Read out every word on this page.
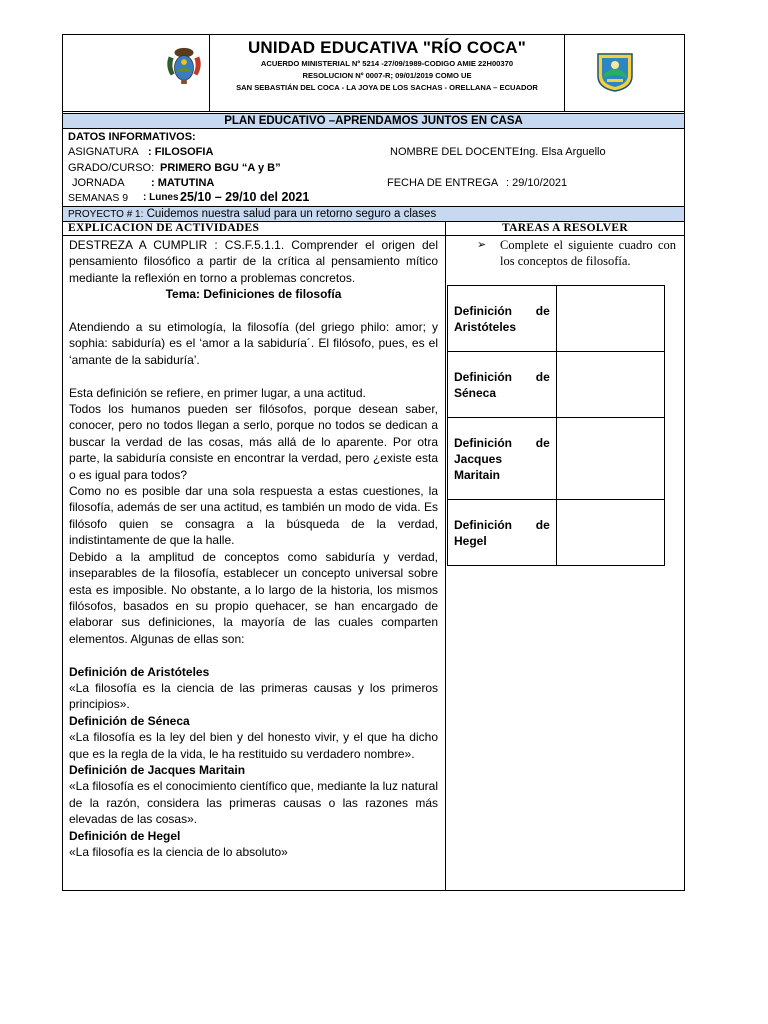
UNIDAD EDUCATIVA "RÍO COCA"
ACUERDO MINISTERIAL Nº 5214 -27/09/1989-CODIGO AMIE 22H00370
RESOLUCION Nº 0007-R; 09/01/2019 COMO UE
SAN SEBASTIÁN DEL COCA - LA JOYA DE LOS SACHAS - ORELLANA – ECUADOR
PLAN EDUCATIVO –APRENDAMOS JUNTOS EN CASA
DATOS INFORMATIVOS:
ASIGNATURA : FILOSOFIA	NOMBRE DEL DOCENTE:
Ing. Elsa Arguello
GRADO/CURSO: PRIMERO BGU “A y B”
JORNADA : MATUTINA	FECHA DE ENTREGA : 29/10/2021
SEMANAS 9 : Lunes 25/10 – 29/10 del 2021
PROYECTO # 1: Cuidemos nuestra salud para un retorno seguro a clases
EXPLICACION DE ACTIVIDADES	TAREAS A RESOLVER

DESTREZA A CUMPLIR : CS.F.5.1.1. Comprender el origen del pensamiento filosófico a partir de la crítica al pensamiento mítico mediante la reflexión en torno a problemas concretos.

Tema: Definiciones de filosofía

Atendiendo a su etimología, la filosofía (del griego philo: amor; y sophia: sabiduría) es el ‘amor a la sabiduría´. El filósofo, pues, es el ‘amante de la sabiduría’.

Esta definición se refiere, en primer lugar, a una actitud.

Todos los humanos pueden ser filósofos, porque desean saber, conocer, pero no todos llegan a serlo, porque no todos se dedican a buscar la verdad de las cosas, más allá de lo aparente. Por otra parte, la sabiduría consiste en encontrar la verdad, pero ¿existe esta o es igual para todos?

Como no es posible dar una sola respuesta a estas cuestiones, la filosofía, además de ser una actitud, es también un modo de vida. Es filósofo quien se consagra a la búsqueda de la verdad, indistintamente de que la halle.

Debido a la amplitud de conceptos como sabiduría y verdad, inseparables de la filosofía, establecer un concepto universal sobre esta es imposible. No obstante, a lo largo de la historia, los mismos filósofos, basados en su propio quehacer, se han encargado de elaborar sus definiciones, la mayoría de las cuales comparten elementos. Algunas de ellas son:

Definición de Aristóteles

«La filosofía es la ciencia de las primeras causas y los primeros principios».

Definición de Séneca

«La filosofía es la ley del bien y del honesto vivir, y el que ha dicho que es la regla de la vida, le ha restituido su verdadero nombre».

Definición de Jacques Maritain

«La filosofía es el conocimiento científico que, mediante la luz natural de la razón, considera las primeras causas o las razones más elevadas de las cosas».

Definición de Hegel

«La filosofía es la ciencia de lo absoluto»

➢ Complete el siguiente cuadro con los conceptos de filosofía.
Definición de Aristóteles	
Definición de Séneca	
Definición de Jacques Maritain	
Definición de Hegel	
